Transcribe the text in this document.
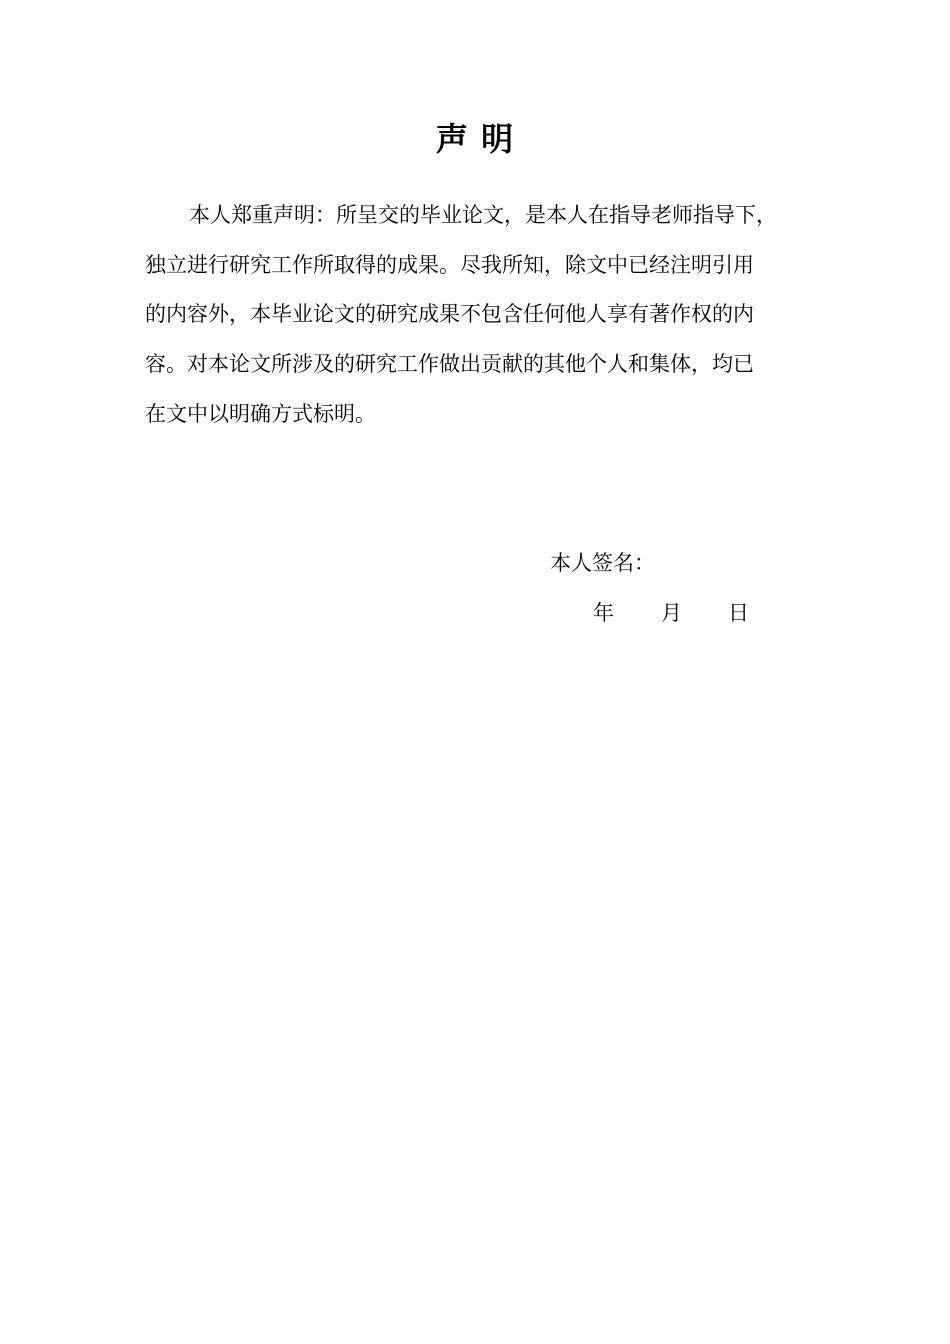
声 明
本人郑重声明：所呈交的毕业论文，是本人在指导老师指导下，
独立进行研究工作所取得的成果。尽我所知，除文中已经注明引用
的内容外，本毕业论文的研究成果不包含任何他人享有著作权的内
容。对本论文所涉及的研究工作做出贡献的其他个人和集体，均已
在文中以明确方式标明。
本人签名：
年 月 日
